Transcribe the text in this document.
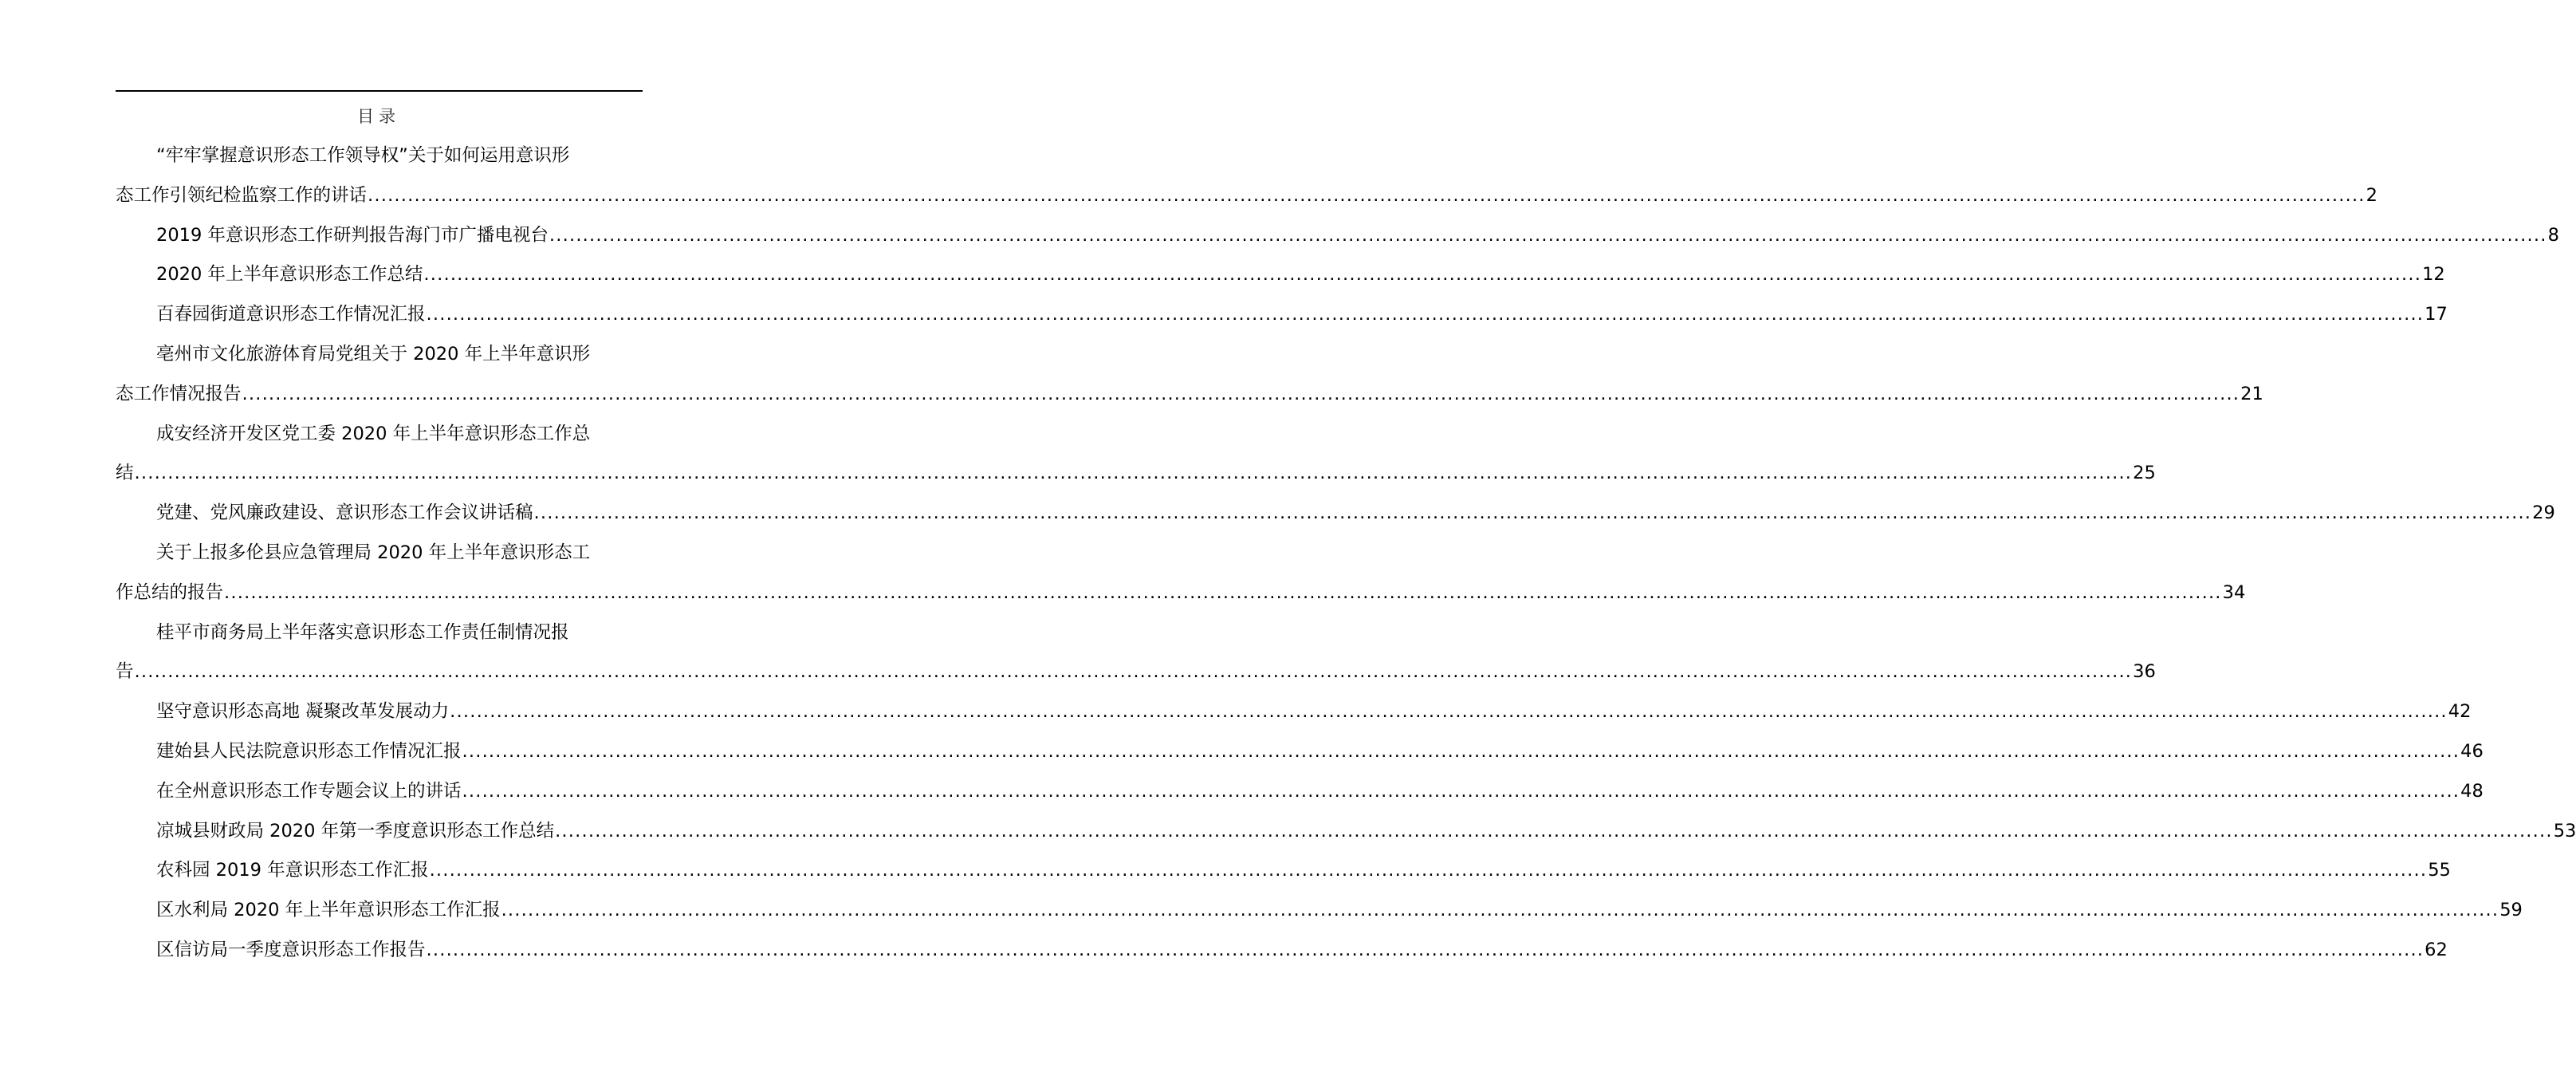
目录
“牢牢掌握意识形态工作领导权”关于如何运用意识形
态工作引领纪检监察工作的讲话 ............................................................................................................................................................................................................................................................................................................ 2
2019 年意识形态工作研判报告海门市广播电视台 ............................................................................................................................................................................................................................................................................................................ 8
2020 年上半年意识形态工作总结 ............................................................................................................................................................................................................................................................................................................ 12
百春园街道意识形态工作情况汇报 ............................................................................................................................................................................................................................................................................................................ 17
亳州市文化旅游体育局党组关于 2020 年上半年意识形
态工作情况报告 ............................................................................................................................................................................................................................................................................................................ 21
成安经济开发区党工委 2020 年上半年意识形态工作总
结 ............................................................................................................................................................................................................................................................................................................ 25
党建、党风廉政建设、意识形态工作会议讲话稿 ............................................................................................................................................................................................................................................................................................................ 29
关于上报多伦县应急管理局 2020 年上半年意识形态工
作总结的报告 ............................................................................................................................................................................................................................................................................................................ 34
桂平市商务局上半年落实意识形态工作责任制情况报
告 ............................................................................................................................................................................................................................................................................................................ 36
坚守意识形态高地 凝聚改革发展动力 ............................................................................................................................................................................................................................................................................................................ 42
建始县人民法院意识形态工作情况汇报 ............................................................................................................................................................................................................................................................................................................ 46
在全州意识形态工作专题会议上的讲话 ............................................................................................................................................................................................................................................................................................................ 48
凉城县财政局 2020 年第一季度意识形态工作总结 ............................................................................................................................................................................................................................................................................................................ 53
农科园 2019 年意识形态工作汇报 ............................................................................................................................................................................................................................................................................................................ 55
区水利局 2020 年上半年意识形态工作汇报 ............................................................................................................................................................................................................................................................................................................ 59
区信访局一季度意识形态工作报告 ............................................................................................................................................................................................................................................................................................................ 62
